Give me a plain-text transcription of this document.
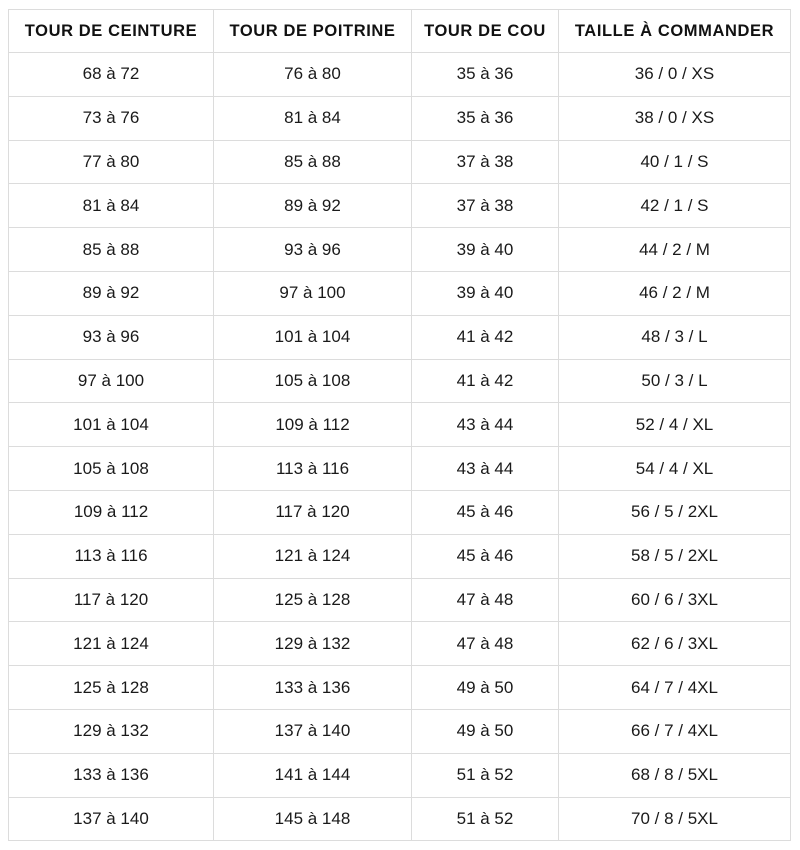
TOUR DE CEINTURE	TOUR DE POITRINE	TOUR DE COU	TAILLE À COMMANDER
68 à 72	76 à 80	35 à 36	36 / 0 / XS
73 à 76	81 à 84	35 à 36	38 / 0 / XS
77 à 80	85 à 88	37 à 38	40 / 1 / S
81 à 84	89 à 92	37 à 38	42 / 1 / S
85 à 88	93 à 96	39 à 40	44 / 2 / M
89 à 92	97 à 100	39 à 40	46 / 2 / M
93 à 96	101 à 104	41 à 42	48 / 3 / L
97 à 100	105 à 108	41 à 42	50 / 3 / L
101 à 104	109 à 112	43 à 44	52 / 4 / XL
105 à 108	113 à 116	43 à 44	54 / 4 / XL
109 à 112	117 à 120	45 à 46	56 / 5 / 2XL
113 à 116	121 à 124	45 à 46	58 / 5 / 2XL
117 à 120	125 à 128	47 à 48	60 / 6 / 3XL
121 à 124	129 à 132	47 à 48	62 / 6 / 3XL
125 à 128	133 à 136	49 à 50	64 / 7 / 4XL
129 à 132	137 à 140	49 à 50	66 / 7 / 4XL
133 à 136	141 à 144	51 à 52	68 / 8 / 5XL
137 à 140	145 à 148	51 à 52	70 / 8 / 5XL
